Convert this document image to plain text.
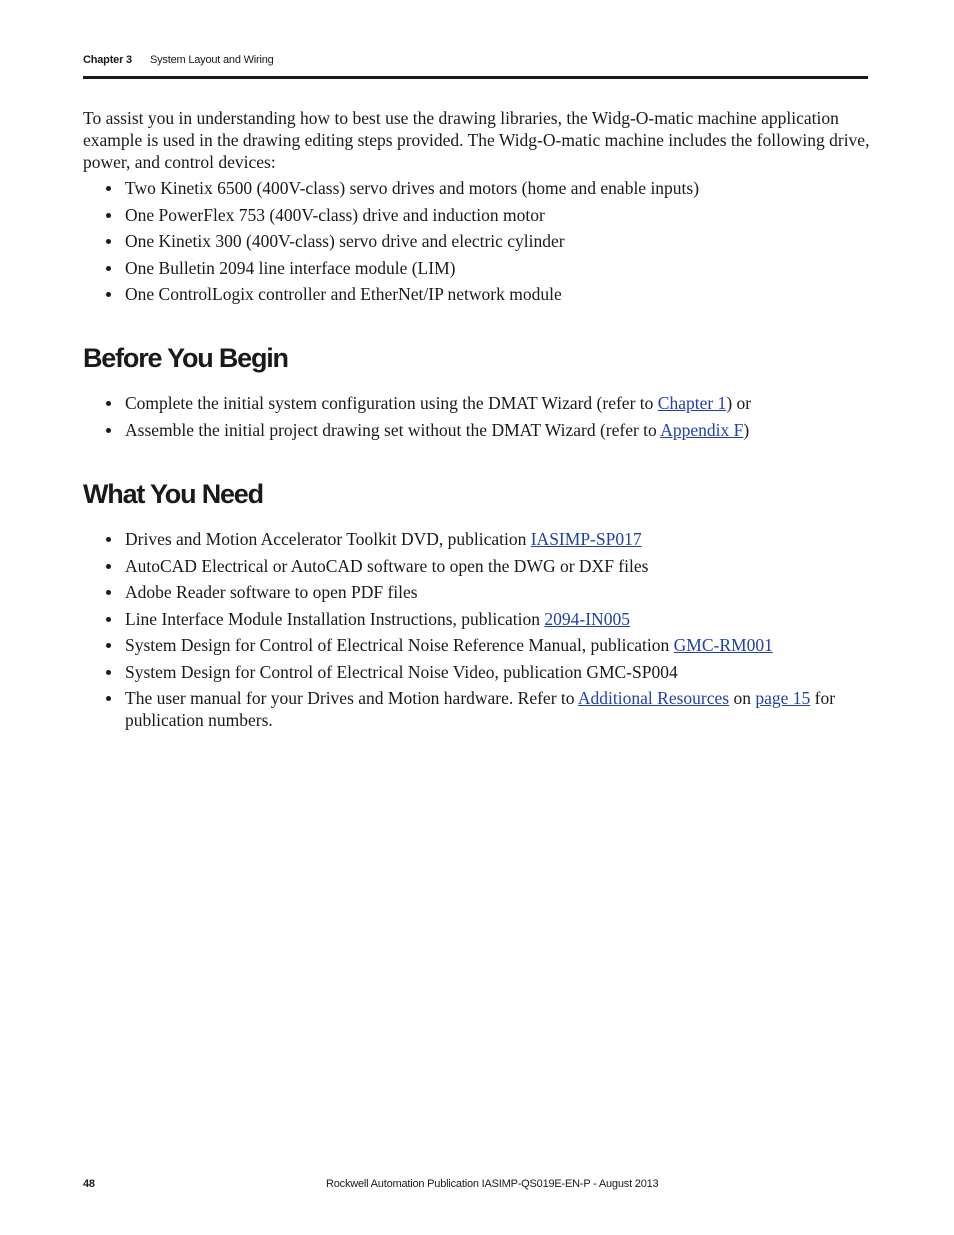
Chapter 3 System Layout and Wiring

To assist you in understanding how to best use the drawing libraries, the Widg-O-matic machine application example is used in the drawing editing steps provided. The Widg-O-matic machine includes the following drive, power, and control devices:

Two Kinetix 6500 (400V-class) servo drives and motors (home and enable inputs)
One PowerFlex 753 (400V-class) drive and induction motor
One Kinetix 300 (400V-class) servo drive and electric cylinder
One Bulletin 2094 line interface module (LIM)
One ControlLogix controller and EtherNet/IP network module
Before You Begin
Complete the initial system configuration using the DMAT Wizard (refer to Chapter 1) or
Assemble the initial project drawing set without the DMAT Wizard (refer to Appendix F)
What You Need
Drives and Motion Accelerator Toolkit DVD, publication IASIMP-SP017
AutoCAD Electrical or AutoCAD software to open the DWG or DXF files
Adobe Reader software to open PDF files
Line Interface Module Installation Instructions, publication 2094-IN005
System Design for Control of Electrical Noise Reference Manual, publication GMC-RM001
System Design for Control of Electrical Noise Video, publication GMC-SP004
The user manual for your Drives and Motion hardware. Refer to Additional Resources on page 15 for publication numbers.
48	Rockwell Automation Publication IASIMP-QS019E-EN-P - August 2013
